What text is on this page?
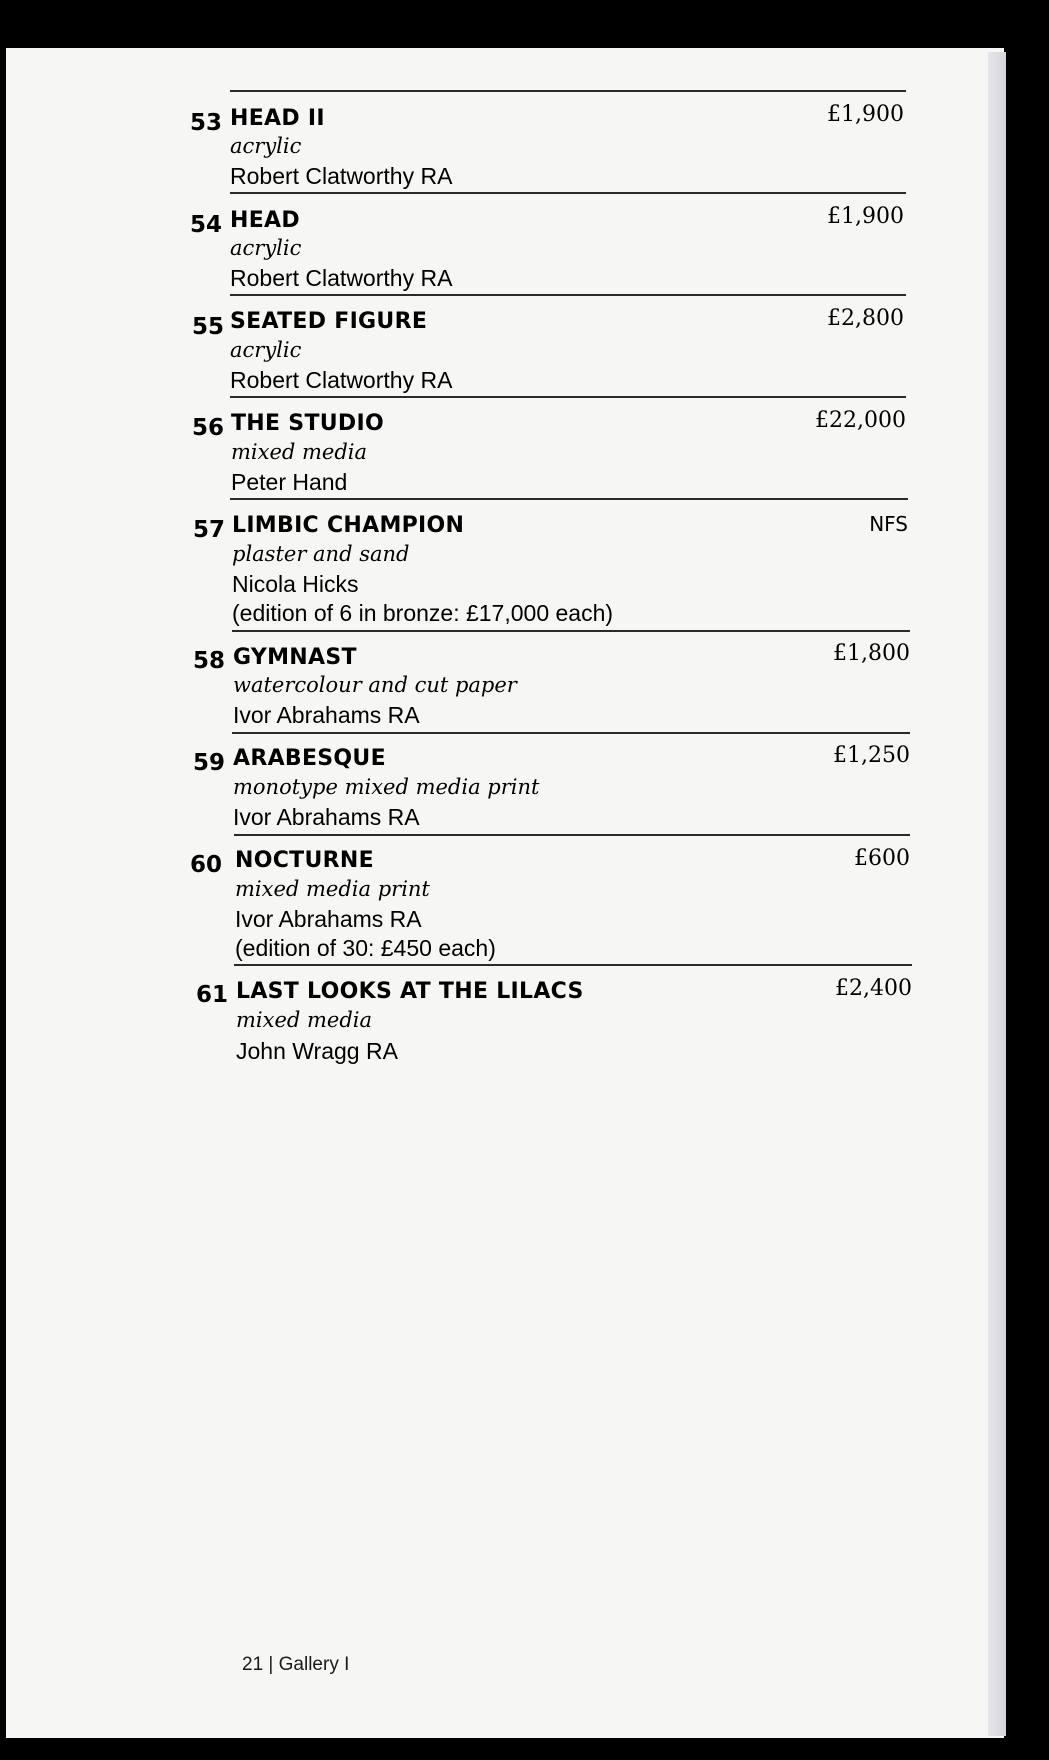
53 HEAD II	£1,900
acrylic
Robert Clatworthy RA
54 HEAD	£1,900
acrylic
Robert Clatworthy RA
55 SEATED FIGURE	£2,800
acrylic
Robert Clatworthy RA
56 THE STUDIO	£22,000
mixed media
Peter Hand
57 LIMBIC CHAMPION	NFS
plaster and sand
Nicola Hicks
(edition of 6 in bronze: £17,000 each)
58 GYMNAST	£1,800
watercolour and cut paper
Ivor Abrahams RA
59 ARABESQUE	£1,250
monotype mixed media print
Ivor Abrahams RA
60 NOCTURNE	£600
mixed media print
Ivor Abrahams RA
(edition of 30: £450 each)
61 LAST LOOKS AT THE LILACS	£2,400
mixed media
John Wragg RA
21 | Gallery I
